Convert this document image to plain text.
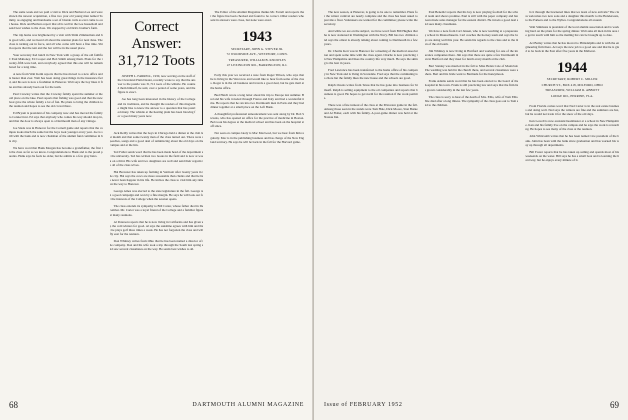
The same week end we paid a visit to Dick and Barbara Lee and were shown the newest acquisition, a fine two year old young man named Tommy, as engaging and handsome a set of blonde curls as ever came to our house. Dick and Barbara report that all is well in the Lee household and send best wishes to the class. We stopped by on Dick's brother's farm.

The trip home was brightened by a visit with Shim Zimmerman and his good wife, and we heard all about the reunion plans for next June. The class is turning out in force, and all who come will have a fine time. Shim reports that the tent and the bar will be in the usual place.

Your secretary had lunch in New York with a group of the old faithful: Paul Mahoney, Ed Cooper and Bob Smith among them. Plans for the twenty-fifth were laid, and everybody agreed that this one will be remembered for a long time.

A note from Walt Keim reports that he has moved to a new office and is busier than ever. Walt has been doing great things in the insurance field, and his son is now a freshman in Hanover. Walt says the boy likes it fine and has already been out for the team.

Paul Crowley writes that the Crowley family spent the summer at the old place on the lake. Paul reports that fishing was good and that the new boat gave the whole family a lot of fun. He plans to bring the children to the reunion and hopes to see the old crowd there.

Ed Bryant is president of his company now and has moved the family to Connecticut. Ed says that anybody who comes his way should drop in, and that the door is always open to a Dartmouth man of any vintage.

Joe Slade was in Hanover for the Cornell game and reports that the campus looks much the same but the boys look younger every year. Joe is still with the bank and is now chairman of the alumni fund committee in his city.

We have word that Hank Morgan has become a grandfather, the first in the class as far as we know. Congratulations to Hank and to the proud parents. Hank says he feels no older, but he admits to a few gray hairs.

Correct Answer: 31,712 Toots

JOSEPH L. FARRELL, 1930, now serving on the staff of the Cleveland Plain Dealer, recently wrote to say that the answer to the puzzle was 31,712 toots of the whistle. He counted them himself, he said, over a period of some years, and the figure is exact.

Joe has long been interested in the history of the College and its traditions, and he thought the readers of this magazine might like to know the answer to a question that has puzzled many. The whistle at the heating plant has been blowing for a good many years now.

Jack Reilly writes that the boys in Chicago held a dinner at the club last month and that some twenty men of the class turned out. There were speeches, songs and a good deal of reminiscing about the old days on the campus and at the Inn.

Ted Fuller sends word that he has been made head of the department at the university. Ted has written two books in the field and is now at work on a third. His wife and two daughters are well and send their regards to all of the class wives.

Hal Brewster has taken up farming in Vermont after twenty years in the city. Hal says the cows are more reasonable than clients and that he has never been happier in his life. He invites the class to visit him any time on the way to Hanover.

George Ames was elected to the state legislature in the fall. George ran a good campaign and won by a fine margin. He says he will look out for the interests of the College when the session opens.

The class extends its sympathy to Bill Carter, whose father died in December. Mr. Carter was a loyal friend of the College and a familiar figure at many reunions.

Al Peterson reports that he is now living in California and has given up the cold winters for good. Al says the sunshine agrees with him and that he plays golf three times a week. He has not forgotten the class and will fly east for the reunion.

Don Whitney writes from Ohio that he has been named a director of the company. Don and his wife took a trip through the South last spring and saw several classmates on the way. He sends best wishes to all.

The Editor of the Alumni Magazine thanks Mr. Farrell and reports that the figure has been checked and found to be correct. Other readers who sent in answers were close, but none were exact.

1943
SECRETARY, JOHN G. STEVER JR.
72 WOODSIDE AVE., WESTPORT, CONN.
TREASURER, WILLIAM B. KNOWLES
47 LEXINGTON RD., BARRINGTON, R.I.

Early this year we received a note from Roger Tillson, who says that he is living in the West now and would like to hear from some of the class. Roger is in the oil business and travels a good deal, but he gets mail at the home office.

Bud Hatch wrote a long letter about his trip to Europe last summer. Bud and his wife traveled through France and Italy and had a wonderful time. He reports that he ran into two Dartmouth men in Paris and they had dinner together at a small place on the Left Bank.

A thoughtful professional announcement was sent along by Dr. Bob Stevens, who has opened an office for the practice of medicine in Boston. Bob took his degree at the medical school and has been on the hospital staff since.

Not seen on campus lately is Mac MacLeod, but we hear from him regularly. Mac is in the publishing business and has charge of the New England territory. He says he will be back in the fall for the Harvard game.

68	DARTMOUTH ALUMNI MAGAZINE

The new season, at Hanover, is going to be one to remember. Plans for the winter carnival are nearly complete and the class has been asked to provide a float. Volunteers are wanted for the committee; please write the secretary.

And while we are on the subject, we have word from Bill Hughes that he is now stationed in Washington with the Navy. Bill has two children and says the oldest is already talking about coming to Dartmouth in a few years.

Dr. Charlie Kerr was in Hanover for a meeting of the medical association and spent some time with the class agent. Charlie is now practicing in New Hampshire and likes the country life very much. He says the skiing is the best in years.

Fred Lawrence has been transferred to the home office of his company in New York and is living in Scarsdale. Fred says that the commuting is a chore but the family likes the new house and the schools are good.

Ralph Owens writes from Texas that he has gone into business for himself. Ralph is selling equipment to the oil companies and reports that business is good. He hopes to get north for the reunion if the work permits.

There was a fine turnout of the class at the Princeton game in the fall. Among those seen in the stands were Tom Hale, Dick Moore, Stan Burke and Al Fisher, each with his family. A post-game dinner was held at the Nassau Inn.

Paul Benedict reports that his boy is now playing football for the school team and shows promise. Paul is still with the paper company and has been made sales manager for the eastern district. He travels a good deal and sees many classmates.

We have a note from Carl Jensen, who is now teaching at a preparatory school in Massachusetts. Carl coaches the hockey team and says the boys are doing well this year. He sends his regards to the class and to the men of the old team.

Jim Whitney is now living in Hartford and working for one of the insurance companies there. Jim says that there are quite a few Dartmouth men in Hartford and they meet for lunch every month at the club.

Bert Stanley was married in the fall to Miss Helen Cole of Montclair. The wedding was held in the church there, and several classmates were ushers. Bert and his bride went to Bermuda for the honeymoon.

Frank Adams sends word that he has been elected to the board of the hospital in his town. Frank is still practicing law and says that the firm has grown considerably in the last few years.

The class is sorry to hear of the death of Mrs. Ellis, wife of Tom Ellis. She died after a long illness. The sympathy of the class goes out to Tom and to the children.

Is it through the bracketed lines that we learn of new arrivals? The class welcomes two new sons and a daughter this month: to the Hendersons, to the Parkers and to the Wylies. Congratulations all around.

Walt Simmons is president of the local alumni association and is working hard on the plans for the spring dinner. Walt asks all men in his area to get in touch with him so the mailing list can be brought up to date.

Art Bailey writes that he has moved to Philadelphia and is with the engineering firm there. Art says the new job is a good one and that he is glad to be back in the East after five years in the Midwest.

1944
SECRETARY, ROBERT C. MILLER
CHURCH ST., BOX 418, MILFORD, OHIO
TREASURER, WILLIAM R. ABBOTT
LODGE RD., PERRINE, FLA.

From Florida comes word that Ned Carter is in the real estate business and doing well. Ned says the winters are fine and the summers are hot, but he would not trade it for the snow of the old days.

Ken Lowell is now assistant headmaster at a school in New Hampshire. Ken and his family live on the campus and he says the work is rewarding. He hopes to see many of the class at the reunion.

John Whitcomb writes that he has been named vice president of the bank. John has been with the bank since graduation and has worked his way up through all departments.

Bill Foster reports that he has taken up sailing and spends most of his weekends on the water. Bill says he has a small boat and is learning the hard way, but he enjoys every minute of it.

Issue of FEBRUARY 1952	69
